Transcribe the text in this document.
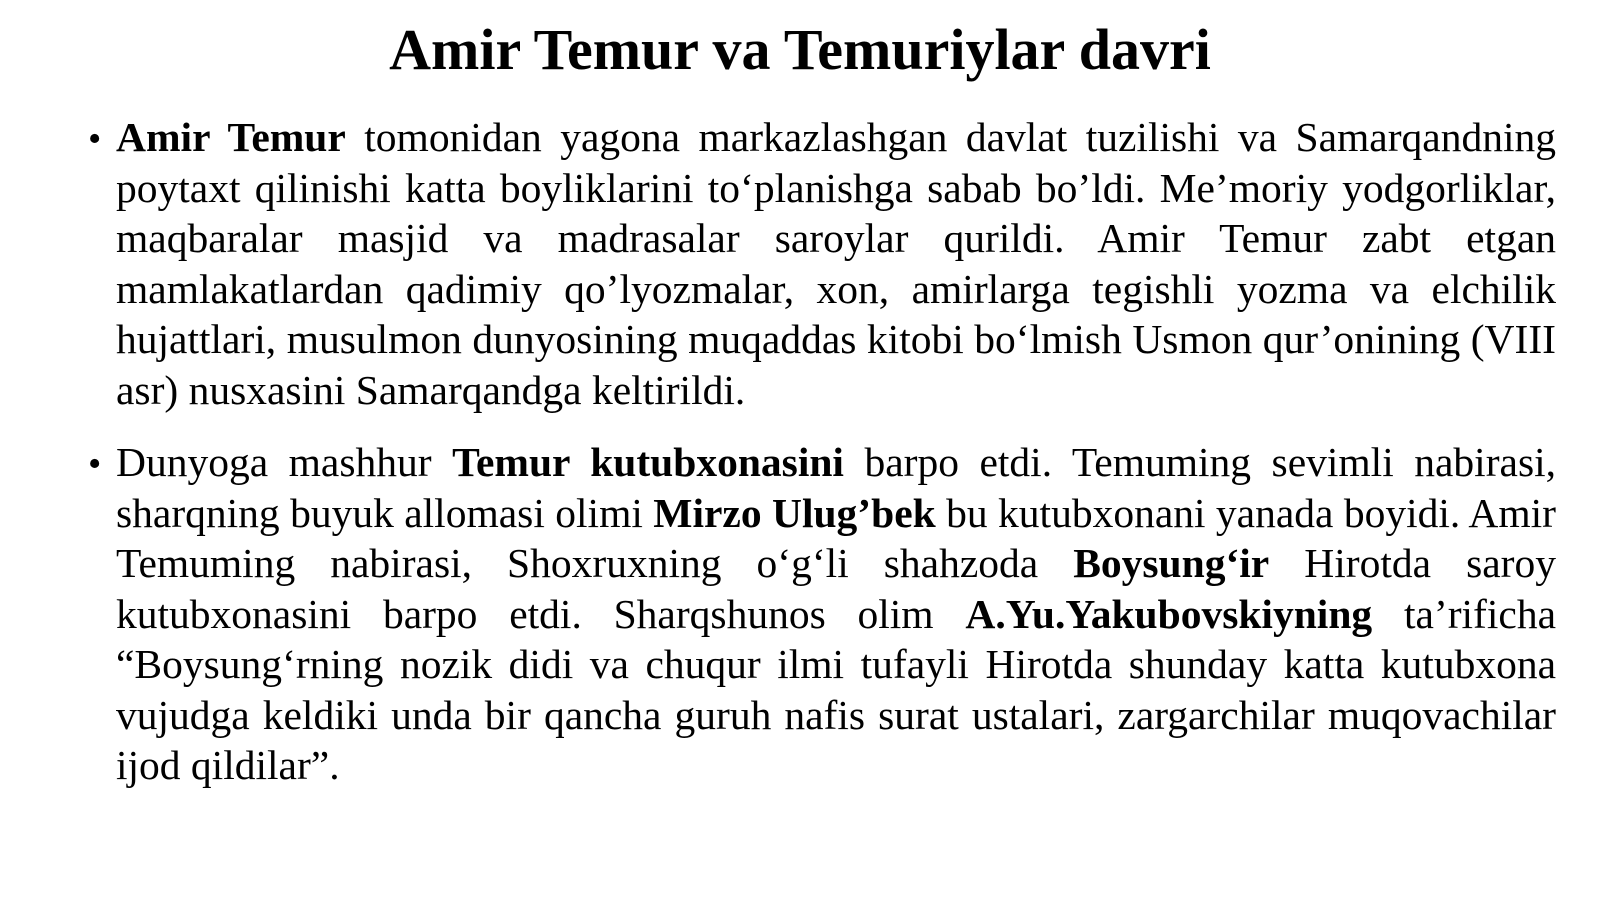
Amir Temur va Temuriylar davri
• Amir Temur tomonidan yagona markazlashgan davlat tuzilishi va Samarqandning poytaxt qilinishi katta boyliklarini to‘planishga sabab bo’ldi. Me’moriy yodgorliklar, maqbaralar masjid va madrasalar saroylar qurildi. Amir Temur zabt etgan mamlakatlardan qadimiy qo’lyozmalar, xon, amirlarga tegishli yozma va elchilik hujattlari, musulmon dunyosining muqaddas kitobi bo‘lmish Usmon qur’onining (VIII asr) nusxasini Samarqandga keltirildi.
• Dunyoga mashhur Temur kutubxonasini barpo etdi. Temuming sevimli nabirasi, sharqning buyuk allomasi olimi Mirzo Ulug’bek bu kutubxonani yanada boyidi. Amir Temuming nabirasi, Shoxruxning o‘g‘li shahzoda Boysung‘ir Hirotda saroy kutubxonasini barpo etdi. Sharqshunos olim A.Yu.Yakubovskiyning ta’rificha “Boysung‘rning nozik didi va chuqur ilmi tufayli Hirotda shunday katta kutubxona vujudga keldiki unda bir qancha guruh nafis surat ustalari, zargarchilar muqovachilar ijod qildilar”.
